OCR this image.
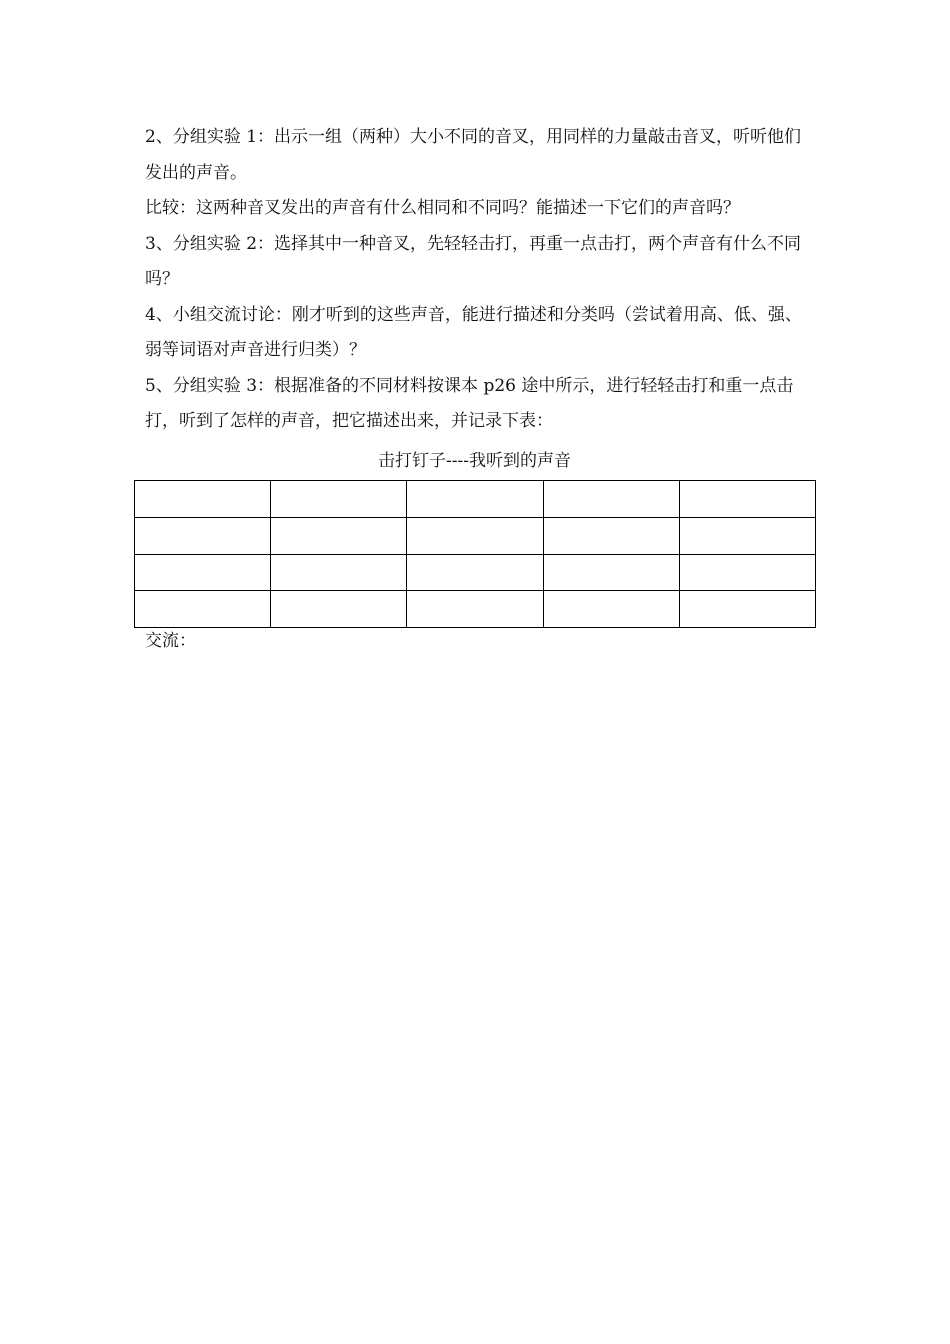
2、分组实验 1：出示一组（两种）大小不同的音叉，用同样的力量敲击音叉，听听他们发出的声音。

比较：这两种音叉发出的声音有什么相同和不同吗？能描述一下它们的声音吗？

3、分组实验 2：选择其中一种音叉，先轻轻击打，再重一点击打，两个声音有什么不同吗？

4、小组交流讨论：刚才听到的这些声音，能进行描述和分类吗（尝试着用高、低、强、弱等词语对声音进行归类）？

5、分组实验 3：根据准备的不同材料按课本 p26 途中所示，进行轻轻击打和重一点击打，听到了怎样的声音，把它描述出来，并记录下表：

击打钉子----我听到的声音

交流：
